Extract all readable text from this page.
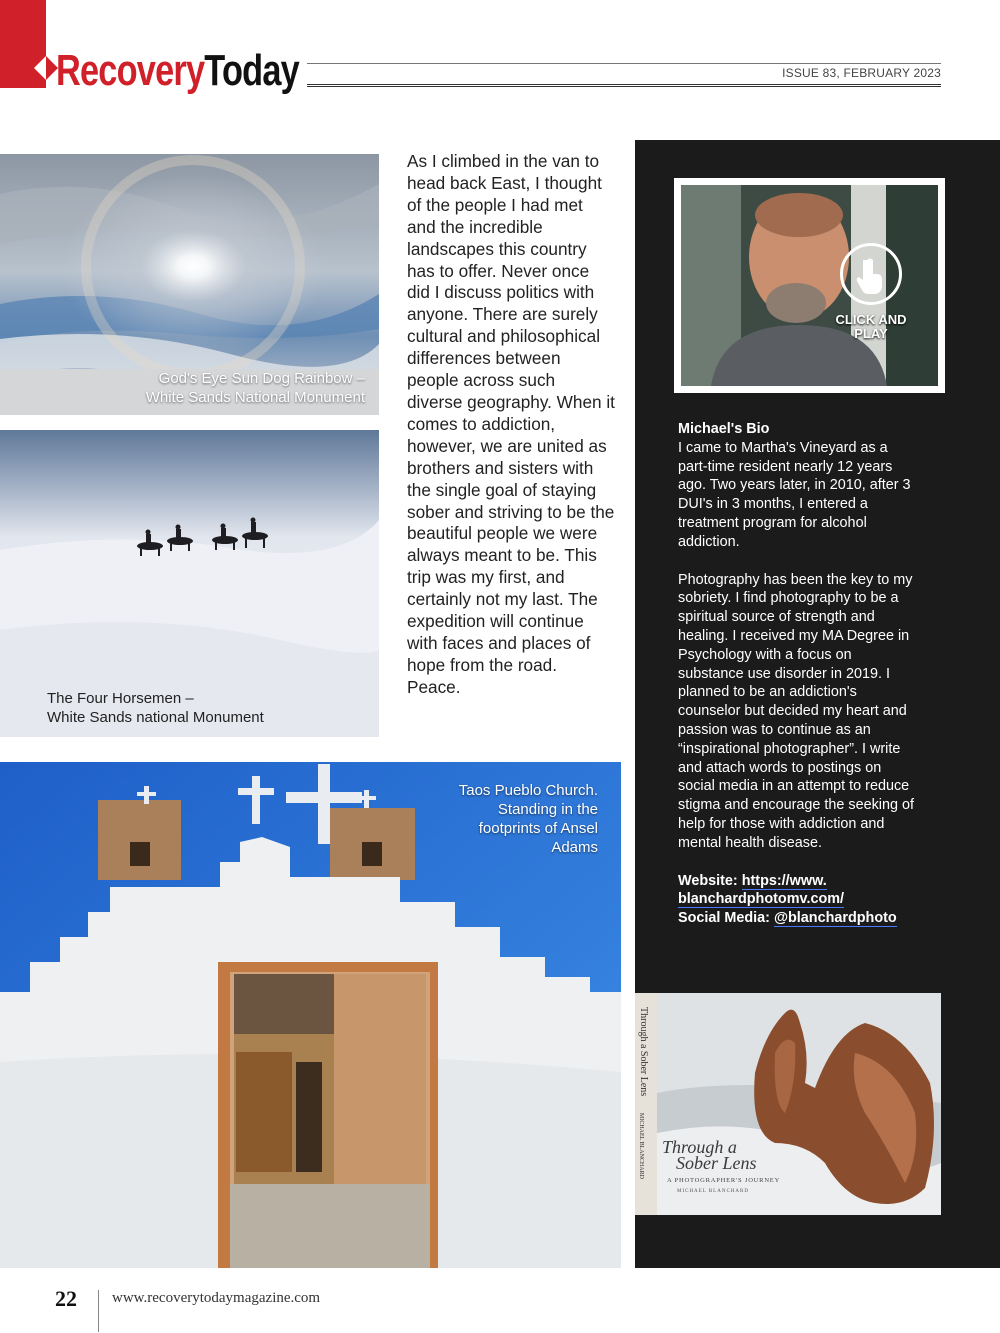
RecoveryToday	ISSUE 83, FEBRUARY 2023
God's Eye Sun Dog Rainbow –
White Sands National Monument
The Four Horsemen –
White Sands national Monument
Taos Pueblo Church.
Standing in the
footprints of Ansel
Adams
As I climbed in the van to head back East, I thought of the people I had met and the incredible landscapes this country has to offer. Never once did I discuss politics with anyone. There are surely cultural and philosophical differences between people across such diverse geography. When it comes to addiction, however, we are united as brothers and sisters with the single goal of staying sober and striving to be the beautiful people we were always meant to be. This trip was my first, and certainly not my last. The expedition will continue with faces and places of hope from the road. Peace.
CLICK AND
PLAY

Michael's Bio

I came to Martha's Vineyard as a part-time resident nearly 12 years ago. Two years later, in 2010, after 3 DUI's in 3 months, I entered a treatment program for alcohol addiction.

Photography has been the key to my sobriety. I find photography to be a spiritual source of strength and healing. I received my MA Degree in Psychology with a focus on substance use disorder in 2019. I planned to be an addiction's counselor but decided my heart and passion was to continue as an “inspirational photographer”. I write and attach words to postings on social media in an attempt to reduce stigma and encourage the seeking of help for those with addiction and mental health disease.

Website: https://www.

blanchardphotomv.com/

Social Media: @blanchardphoto

Through a Sober Lens
MICHAEL BLANCHARD Through a
Sober Lens
A PHOTOGRAPHER'S JOURNEY
MICHAEL BLANCHARD
22 www.recoverytodaymagazine.com
